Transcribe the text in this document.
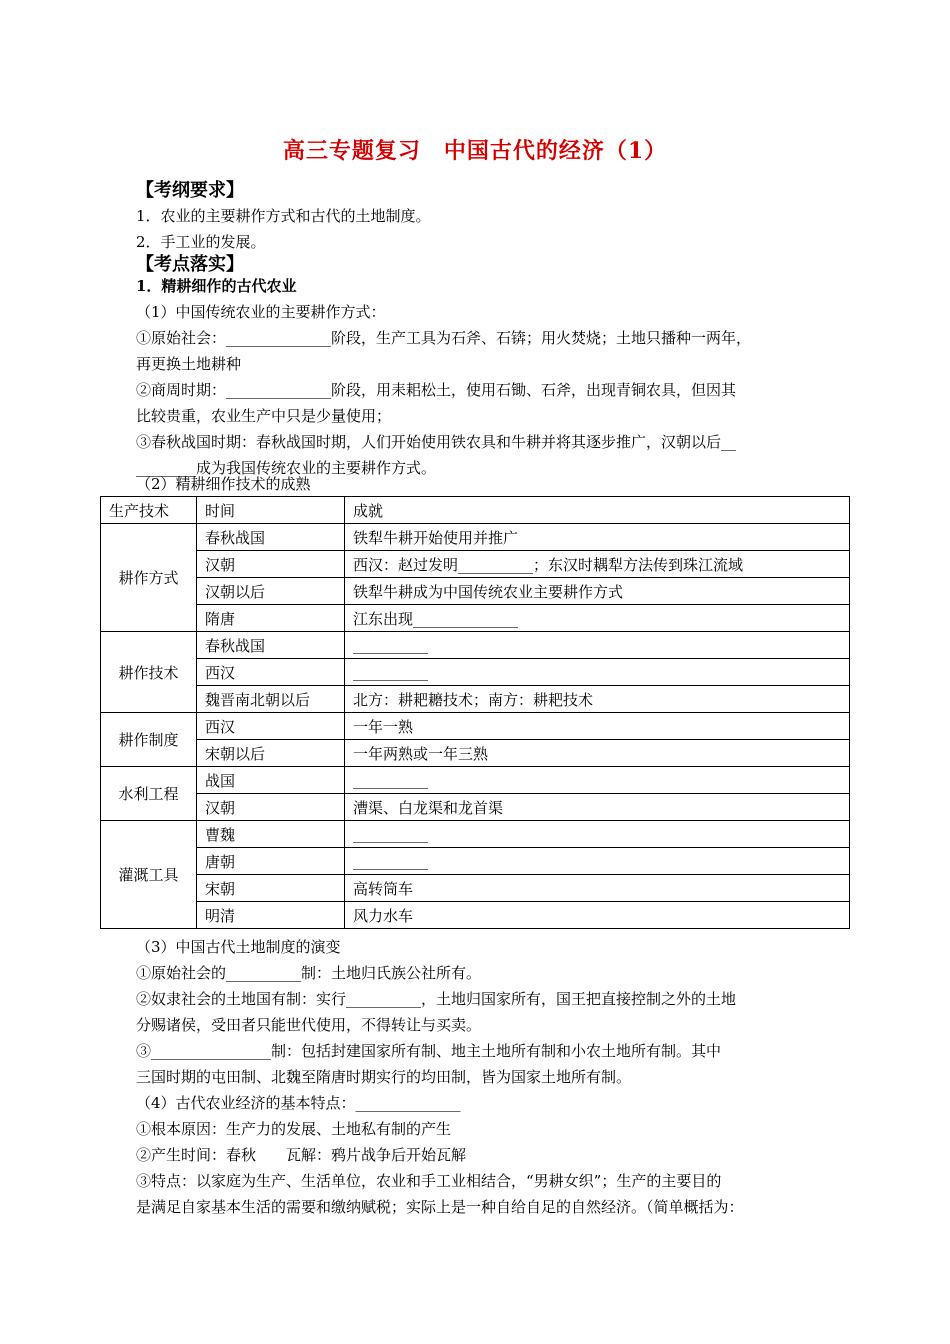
高三专题复习　中国古代的经济（1）
【考纲要求】
1．农业的主要耕作方式和古代的土地制度。
2．手工业的发展。
【考点落实】
1．精耕细作的古代农业
（1）中国传统农业的主要耕作方式：
①原始社会：______________阶段，生产工具为石斧、石锛；用火焚烧；土地只播种一两年，
再更换土地耕种
②商周时期：______________阶段，用耒耜松土，使用石锄、石斧，出现青铜农具，但因其
比较贵重，农业生产中只是少量使用；
③春秋战国时期：春秋战国时期，人们开始使用铁农具和牛耕并将其逐步推广，汉朝以后__
________成为我国传统农业的主要耕作方式。
（2）精耕细作技术的成熟
生产技术	时间	成就
耕作方式	春秋战国	铁犁牛耕开始使用并推广
	汉朝	西汉：赵过发明__________；东汉时耦犁方法传到珠江流域
	汉朝以后	铁犁牛耕成为中国传统农业主要耕作方式
	隋唐	江东出现______________
耕作技术	春秋战国	__________
	西汉	__________
	魏晋南北朝以后	北方：耕耙耱技术；南方：耕耙技术
耕作制度	西汉	一年一熟
	宋朝以后	一年两熟或一年三熟
水利工程	战国	__________
	汉朝	漕渠、白龙渠和龙首渠
灌溉工具	曹魏	__________
	唐朝	__________
	宋朝	高转筒车
	明清	风力水车
（3）中国古代土地制度的演变
①原始社会的__________制：土地归氏族公社所有。
②奴隶社会的土地国有制：实行__________，土地归国家所有，国王把直接控制之外的土地
分赐诸侯，受田者只能世代使用，不得转让与买卖。
③________________制：包括封建国家所有制、地主土地所有制和小农土地所有制。其中
三国时期的屯田制、北魏至隋唐时期实行的均田制，皆为国家土地所有制。
（4）古代农业经济的基本特点：______________
①根本原因：生产力的发展、土地私有制的产生
②产生时间：春秋　　瓦解：鸦片战争后开始瓦解
③特点：以家庭为生产、生活单位，农业和手工业相结合，“男耕女织”；生产的主要目的
是满足自家基本生活的需要和缴纳赋税；实际上是一种自给自足的自然经济。（简单概括为：
